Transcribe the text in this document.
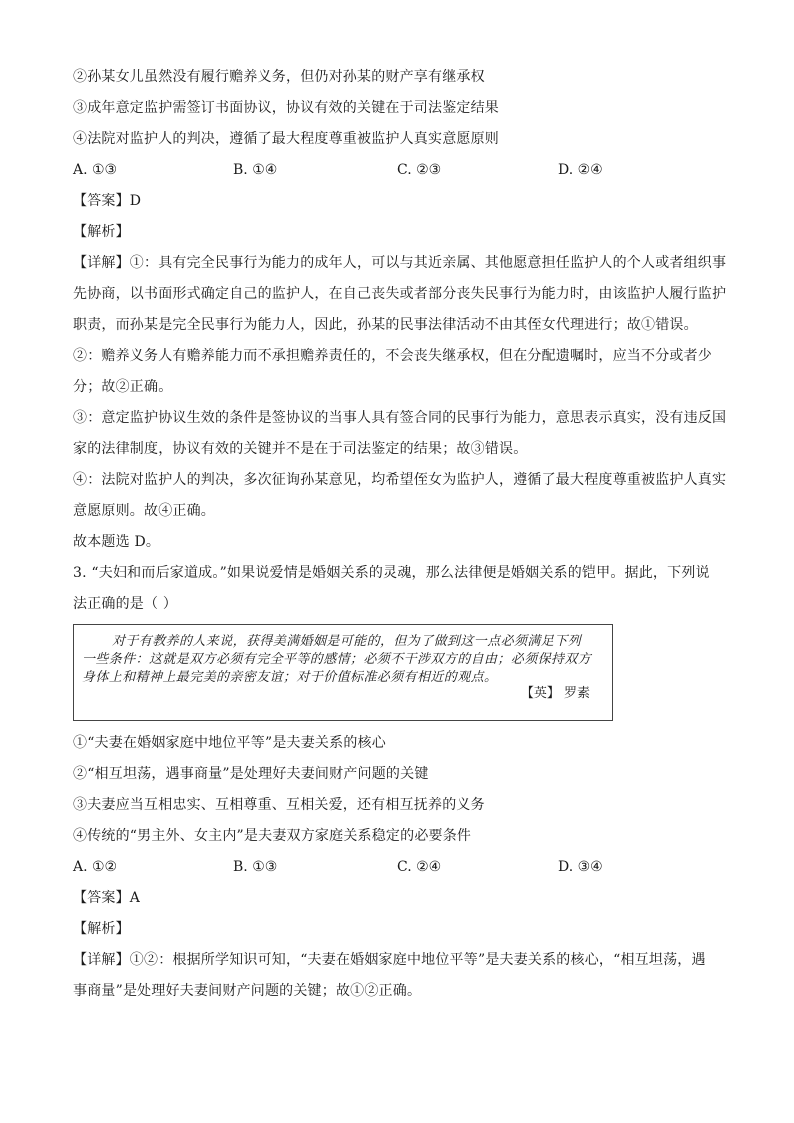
②孙某女儿虽然没有履行赡养义务，但仍对孙某的财产享有继承权
③成年意定监护需签订书面协议，协议有效的关键在于司法鉴定结果
④法院对监护人的判决，遵循了最大程度尊重被监护人真实意愿原则
A. ①③	B. ①④	C. ②③	D. ②④
【答案】D
【解析】
【详解】①：具有完全民事行为能力的成年人，可以与其近亲属、其他愿意担任监护人的个人或者组织事
先协商，以书面形式确定自己的监护人，在自己丧失或者部分丧失民事行为能力时，由该监护人履行监护
职责，而孙某是完全民事行为能力人，因此，孙某的民事法律活动不由其侄女代理进行；故①错误。
②：赡养义务人有赡养能力而不承担赡养责任的，不会丧失继承权，但在分配遗嘱时，应当不分或者少
分；故②正确。
③：意定监护协议生效的条件是签协议的当事人具有签合同的民事行为能力，意思表示真实，没有违反国
家的法律制度，协议有效的关键并不是在于司法鉴定的结果；故③错误。
④：法院对监护人的判决，多次征询孙某意见，均希望侄女为监护人，遵循了最大程度尊重被监护人真实
意愿原则。故④正确。
故本题选 D。
3. “夫妇和而后家道成。”如果说爱情是婚姻关系的灵魂，那么法律便是婚姻关系的铠甲。据此，下列说
法正确的是（ ）
对于有教养的人来说，获得美满婚姻是可能的，但为了做到这一点必须满足下列
一些条件：这就是双方必须有完全平等的感情；必须不干涉双方的自由；必须保持双方
身体上和精神上最完美的亲密友谊；对于价值标准必须有相近的观点。
【英】 罗素
①“夫妻在婚姻家庭中地位平等”是夫妻关系的核心
②“相互坦荡，遇事商量”是处理好夫妻间财产问题的关键
③夫妻应当互相忠实、互相尊重、互相关爱，还有相互抚养的义务
④传统的“男主外、女主内”是夫妻双方家庭关系稳定的必要条件
A. ①②	B. ①③	C. ②④	D. ③④
【答案】A
【解析】
【详解】①②：根据所学知识可知，“夫妻在婚姻家庭中地位平等”是夫妻关系的核心，“相互坦荡，遇
事商量”是处理好夫妻间财产问题的关键；故①②正确。
